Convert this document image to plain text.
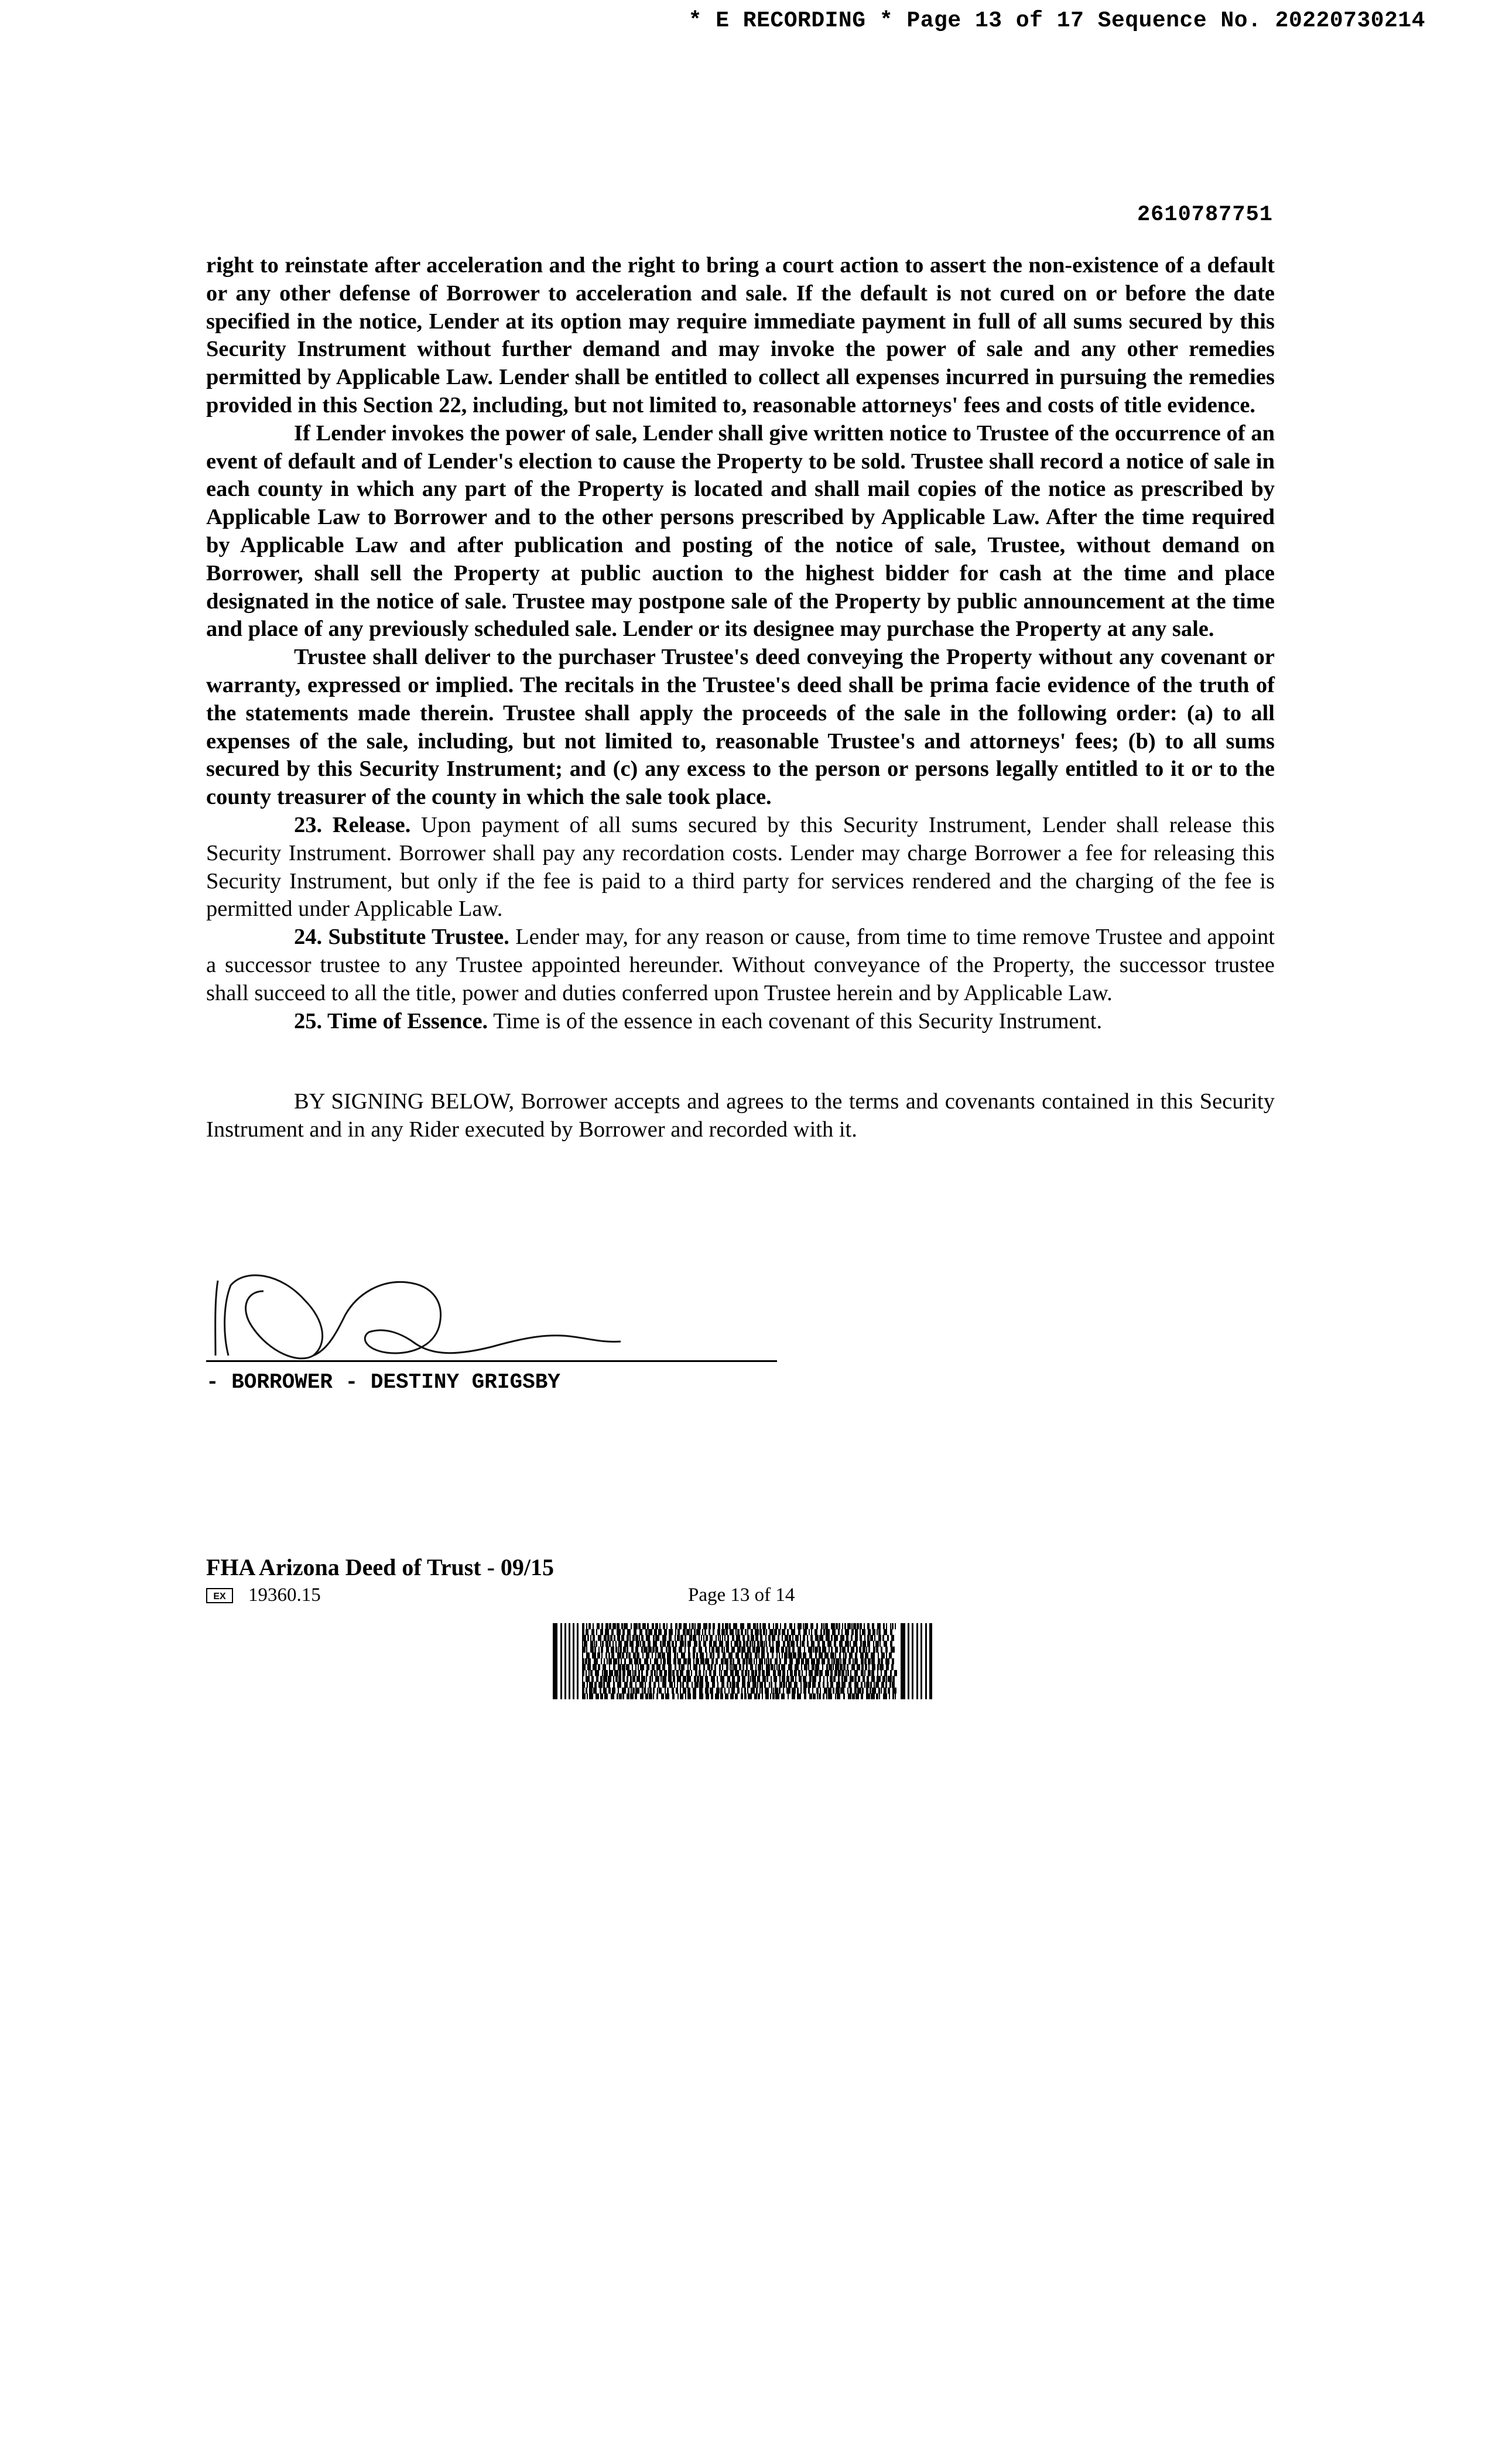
* E RECORDING * Page 13 of 17 Sequence No. 20220730214
2610787751

right to reinstate after acceleration and the right to bring a court action to assert the non-existence of a default or any other defense of Borrower to acceleration and sale. If the default is not cured on or before the date specified in the notice, Lender at its option may require immediate payment in full of all sums secured by this Security Instrument without further demand and may invoke the power of sale and any other remedies permitted by Applicable Law. Lender shall be entitled to collect all expenses incurred in pursuing the remedies provided in this Section 22, including, but not limited to, reasonable attorneys' fees and costs of title evidence.

If Lender invokes the power of sale, Lender shall give written notice to Trustee of the occurrence of an event of default and of Lender's election to cause the Property to be sold. Trustee shall record a notice of sale in each county in which any part of the Property is located and shall mail copies of the notice as prescribed by Applicable Law to Borrower and to the other persons prescribed by Applicable Law. After the time required by Applicable Law and after publication and posting of the notice of sale, Trustee, without demand on Borrower, shall sell the Property at public auction to the highest bidder for cash at the time and place designated in the notice of sale. Trustee may postpone sale of the Property by public announcement at the time and place of any previously scheduled sale. Lender or its designee may purchase the Property at any sale.

Trustee shall deliver to the purchaser Trustee's deed conveying the Property without any covenant or warranty, expressed or implied. The recitals in the Trustee's deed shall be prima facie evidence of the truth of the statements made therein. Trustee shall apply the proceeds of the sale in the following order: (a) to all expenses of the sale, including, but not limited to, reasonable Trustee's and attorneys' fees; (b) to all sums secured by this Security Instrument; and (c) any excess to the person or persons legally entitled to it or to the county treasurer of the county in which the sale took place.

23. Release. Upon payment of all sums secured by this Security Instrument, Lender shall release this Security Instrument. Borrower shall pay any recordation costs. Lender may charge Borrower a fee for releasing this Security Instrument, but only if the fee is paid to a third party for services rendered and the charging of the fee is permitted under Applicable Law.

24. Substitute Trustee. Lender may, for any reason or cause, from time to time remove Trustee and appoint a successor trustee to any Trustee appointed hereunder. Without conveyance of the Property, the successor trustee shall succeed to all the title, power and duties conferred upon Trustee herein and by Applicable Law.

25. Time of Essence. Time is of the essence in each covenant of this Security Instrument.

BY SIGNING BELOW, Borrower accepts and agrees to the terms and covenants contained in this Security Instrument and in any Rider executed by Borrower and recorded with it.

- BORROWER - DESTINY GRIGSBY
FHA Arizona Deed of Trust - 09/15
EX 19360.15	Page 13 of 14
